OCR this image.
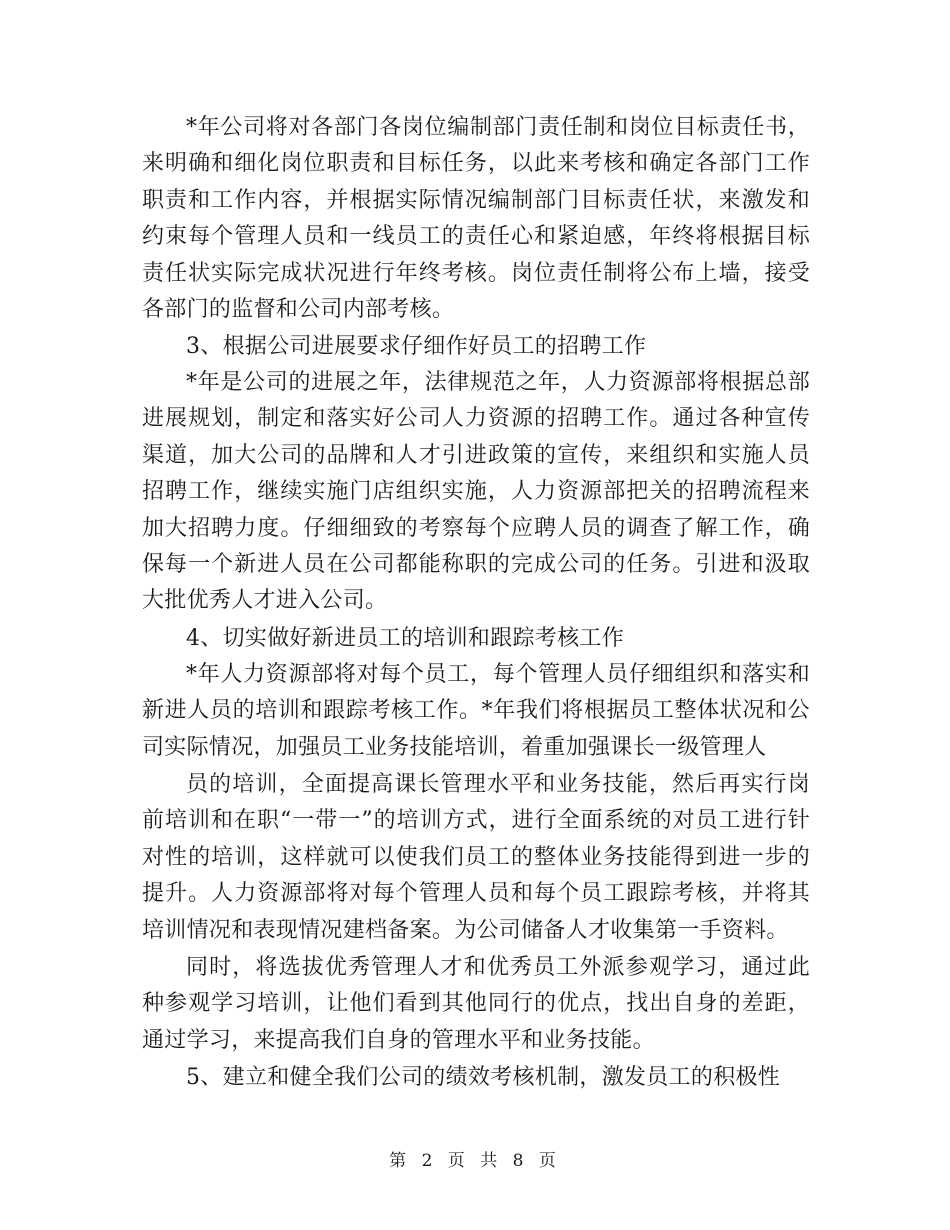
*年公司将对各部门各岗位编制部门责任制和岗位目标责任书，来明确和细化岗位职责和目标任务，以此来考核和确定各部门工作职责和工作内容，并根据实际情况编制部门目标责任状，来激发和约束每个管理人员和一线员工的责任心和紧迫感，年终将根据目标责任状实际完成状况进行年终考核。岗位责任制将公布上墙，接受各部门的监督和公司内部考核。

3、根据公司进展要求仔细作好员工的招聘工作

*年是公司的进展之年，法律规范之年，人力资源部将根据总部进展规划，制定和落实好公司人力资源的招聘工作。通过各种宣传渠道，加大公司的品牌和人才引进政策的宣传，来组织和实施人员招聘工作，继续实施门店组织实施，人力资源部把关的招聘流程来加大招聘力度。仔细细致的考察每个应聘人员的调查了解工作，确保每一个新进人员在公司都能称职的完成公司的任务。引进和汲取大批优秀人才进入公司。

4、切实做好新进员工的培训和跟踪考核工作

*年人力资源部将对每个员工，每个管理人员仔细组织和落实和新进人员的培训和跟踪考核工作。*年我们将根据员工整体状况和公司实际情况，加强员工业务技能培训，着重加强课长一级管理人

员的培训，全面提高课长管理水平和业务技能，然后再实行岗前培训和在职“一带一”的培训方式，进行全面系统的对员工进行针对性的培训，这样就可以使我们员工的整体业务技能得到进一步的提升。人力资源部将对每个管理人员和每个员工跟踪考核，并将其培训情况和表现情况建档备案。为公司储备人才收集第一手资料。

同时，将选拔优秀管理人才和优秀员工外派参观学习，通过此种参观学习培训，让他们看到其他同行的优点，找出自身的差距，通过学习，来提高我们自身的管理水平和业务技能。

5、建立和健全我们公司的绩效考核机制，激发员工的积极性

第 2 页 共 8 页
